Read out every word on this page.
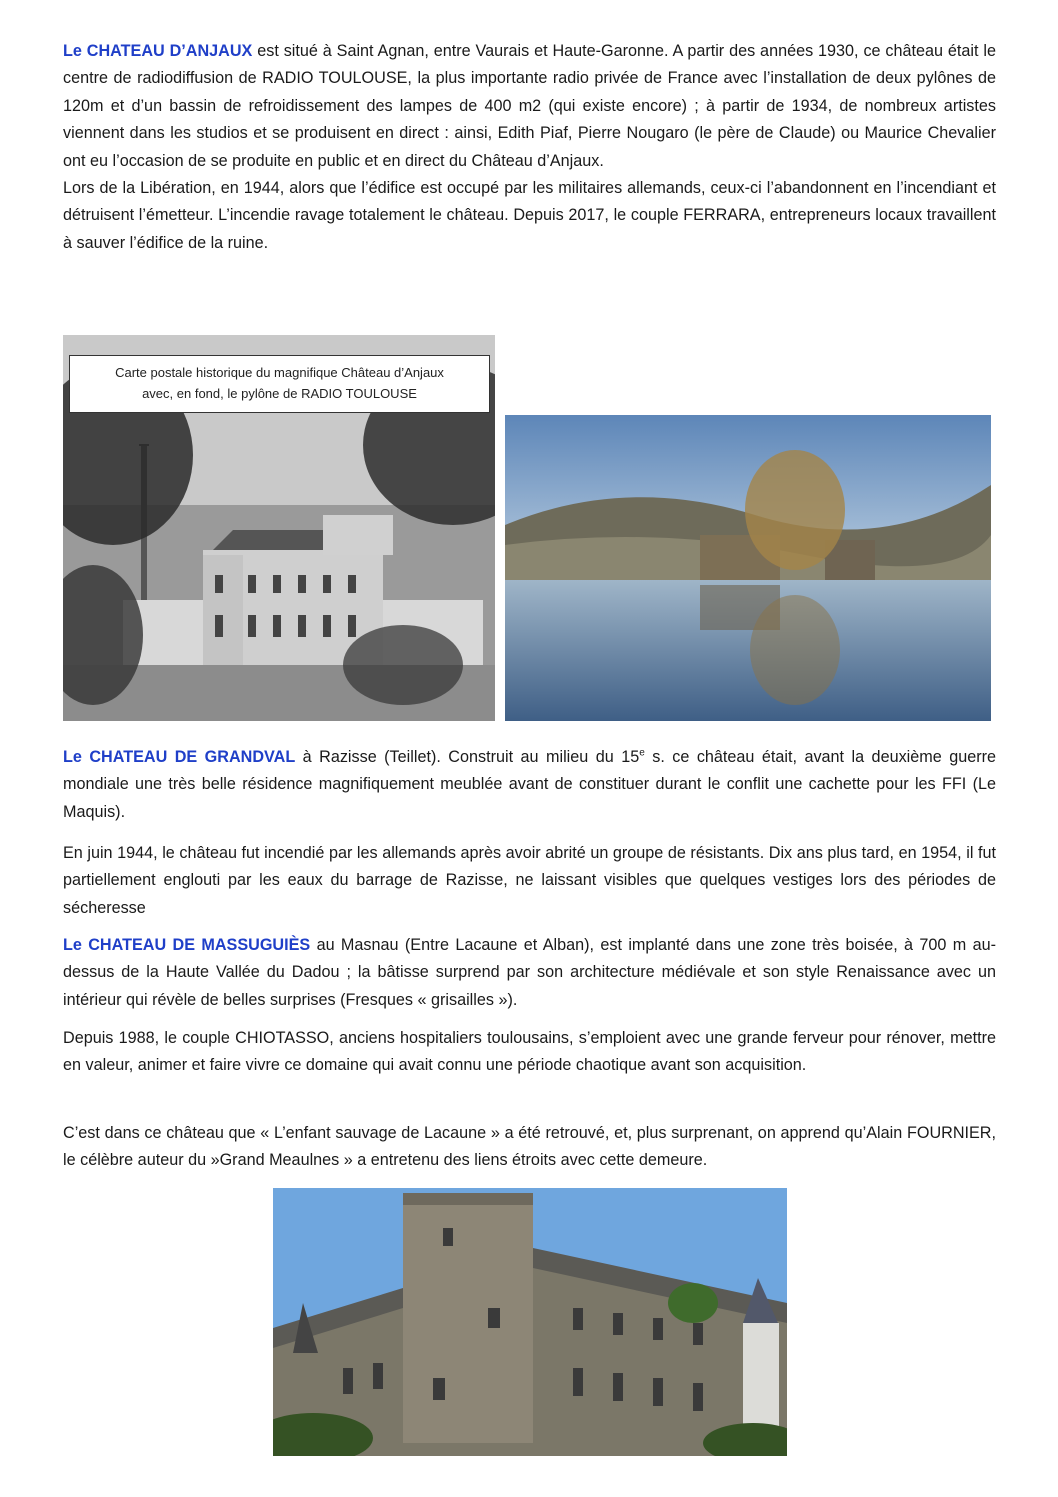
Le CHATEAU D’ANJAUX est situé à Saint Agnan, entre Vaurais et Haute-Garonne. A partir des années 1930, ce château était le centre de radiodiffusion de RADIO TOULOUSE, la plus importante radio privée de France avec l’installation de deux pylônes de 120m et d’un bassin de refroidissement des lampes de 400 m2 (qui existe encore) ; à partir de 1934, de nombreux artistes viennent dans les studios et se produisent en direct : ainsi, Edith Piaf, Pierre Nougaro (le père de Claude) ou Maurice Chevalier ont eu l’occasion de se produite en public et en direct du Château d’Anjaux.
Lors de la Libération, en 1944, alors que l’édifice est occupé par les militaires allemands, ceux-ci l’abandonnent en l’incendiant et détruisent l’émetteur. L’incendie ravage totalement le château. Depuis 2017, le couple FERRARA, entrepreneurs locaux travaillent à sauver l’édifice de la ruine.

Carte postale historique du magnifique Château d’Anjaux
avec, en fond, le pylône de RADIO TOULOUSE

Le CHATEAU DE GRANDVAL à Razisse (Teillet). Construit au milieu du 15e s. ce château était, avant la deuxième guerre mondiale une très belle résidence magnifiquement meublée avant de constituer durant le conflit une cachette pour les FFI (Le Maquis).

En juin 1944, le château fut incendié par les allemands après avoir abrité un groupe de résistants. Dix ans plus tard, en 1954, il fut partiellement englouti par les eaux du barrage de Razisse, ne laissant visibles que quelques vestiges lors des périodes de sécheresse

Le CHATEAU DE MASSUGUIÈS au Masnau (Entre Lacaune et Alban), est implanté dans une zone très boisée, à 700 m au-dessus de la Haute Vallée du Dadou ; la bâtisse surprend par son architecture médiévale et son style Renaissance avec un intérieur qui révèle de belles surprises (Fresques « grisailles »).

Depuis 1988, le couple CHIOTASSO, anciens hospitaliers toulousains, s’emploient avec une grande ferveur pour rénover, mettre en valeur, animer et faire vivre ce domaine qui avait connu une période chaotique avant son acquisition.

C’est dans ce château que « L’enfant sauvage de Lacaune » a été retrouvé, et, plus surprenant, on apprend qu’Alain FOURNIER, le célèbre auteur du »Grand Meaulnes » a entretenu des liens étroits avec cette demeure.
